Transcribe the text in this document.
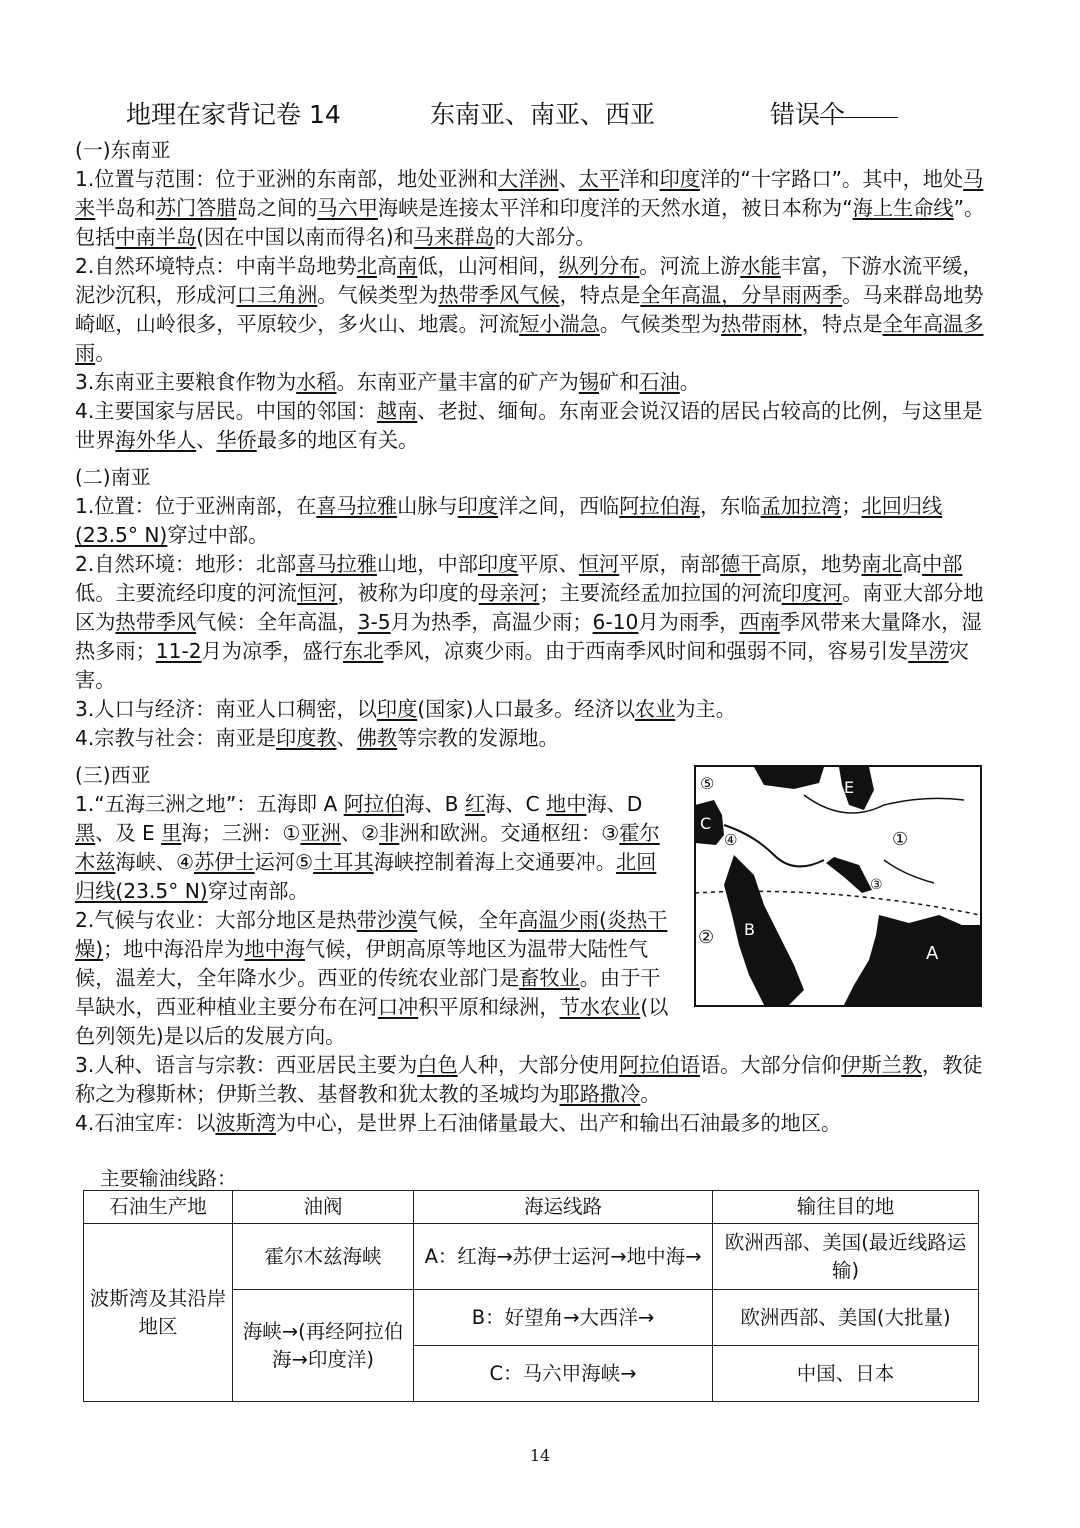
地理在家背记卷 14	东南亚、南亚、西亚	错误
个

(一)东南亚

1.位置与范围：位于亚洲的东南部，地处亚洲和大洋洲、太平洋和印度洋的“十字路口”。其中，地处马来半岛和苏门答腊岛之间的马六甲海峡是连接太平洋和印度洋的天然水道，被日本称为“海上生命线”。包括中南半岛(因在中国以南而得名)和马来群岛的大部分。

2.自然环境特点：中南半岛地势北高南低，山河相间，纵列分布。河流上游水能丰富，下游水流平缓，泥沙沉积，形成河口三角洲。气候类型为热带季风气候，特点是全年高温，分旱雨两季。马来群岛地势崎岖，山岭很多，平原较少，多火山、地震。河流短小湍急。气候类型为热带雨林，特点是全年高温多雨。

3.东南亚主要粮食作物为水稻。东南亚产量丰富的矿产为锡矿和石油。

4.主要国家与居民。中国的邻国：越南、老挝、缅甸。东南亚会说汉语的居民占较高的比例，与这里是世界海外华人、华侨最多的地区有关。

(二)南亚

1.位置：位于亚洲南部，在喜马拉雅山脉与印度洋之间，西临阿拉伯海，东临孟加拉湾；北回归线(23.5° N)穿过中部。

2.自然环境：地形：北部喜马拉雅山地，中部印度平原、恒河平原，南部德干高原，地势南北高中部低。主要流经印度的河流恒河，被称为印度的母亲河；主要流经孟加拉国的河流印度河。南亚大部分地区为热带季风气候：全年高温，3-5月为热季，高温少雨；6-10月为雨季，西南季风带来大量降水，湿热多雨；11-2月为凉季，盛行东北季风，凉爽少雨。由于西南季风时间和强弱不同，容易引发旱涝灾害。

3.人口与经济：南亚人口稠密，以印度(国家)人口最多。经济以农业为主。

4.宗教与社会：南亚是印度教、佛教等宗教的发源地。

(三)西亚

1.“五海三洲之地”：五海即 A 阿拉伯海、B 红海、C 地中海、D 黑、及 E 里海；三洲：①亚洲、②非洲和欧洲。交通枢纽：③霍尔木兹海峡、④苏伊士运河⑤土耳其海峡控制着海上交通要冲。北回归线(23.5° N)穿过南部。

2.气候与农业：大部分地区是热带沙漠气候，全年高温少雨(炎热干燥)；地中海沿岸为地中海气候，伊朗高原等地区为温带大陆性气候，温差大，全年降水少。西亚的传统农业部门是畜牧业。由于干旱缺水，西亚种植业主要分布在河口冲积平原和绿洲，节水农业(以色列领先)是以后的发展方向。

⑤	E
C
④	①
③
② B
A

3.人种、语言与宗教：西亚居民主要为白色人种，大部分使用阿拉伯语语。大部分信仰伊斯兰教，教徒称之为穆斯林；伊斯兰教、基督教和犹太教的圣城均为耶路撒冷。

4.石油宝库：以波斯湾为中心，是世界上石油储量最大、出产和输出石油最多的地区。

主要输油线路：
石油生产地	油阀	海运线路	输往目的地
波斯湾及其沿岸地区	霍尔木兹海峡	A：红海→苏伊士运河→地中海→	欧洲西部、美国(最近线路运输)
	海峡→(再经阿拉伯海→印度洋)	B：好望角→大西洋→	欧洲西部、美国(大批量)
		C：马六甲海峡→	中国、日本
14
